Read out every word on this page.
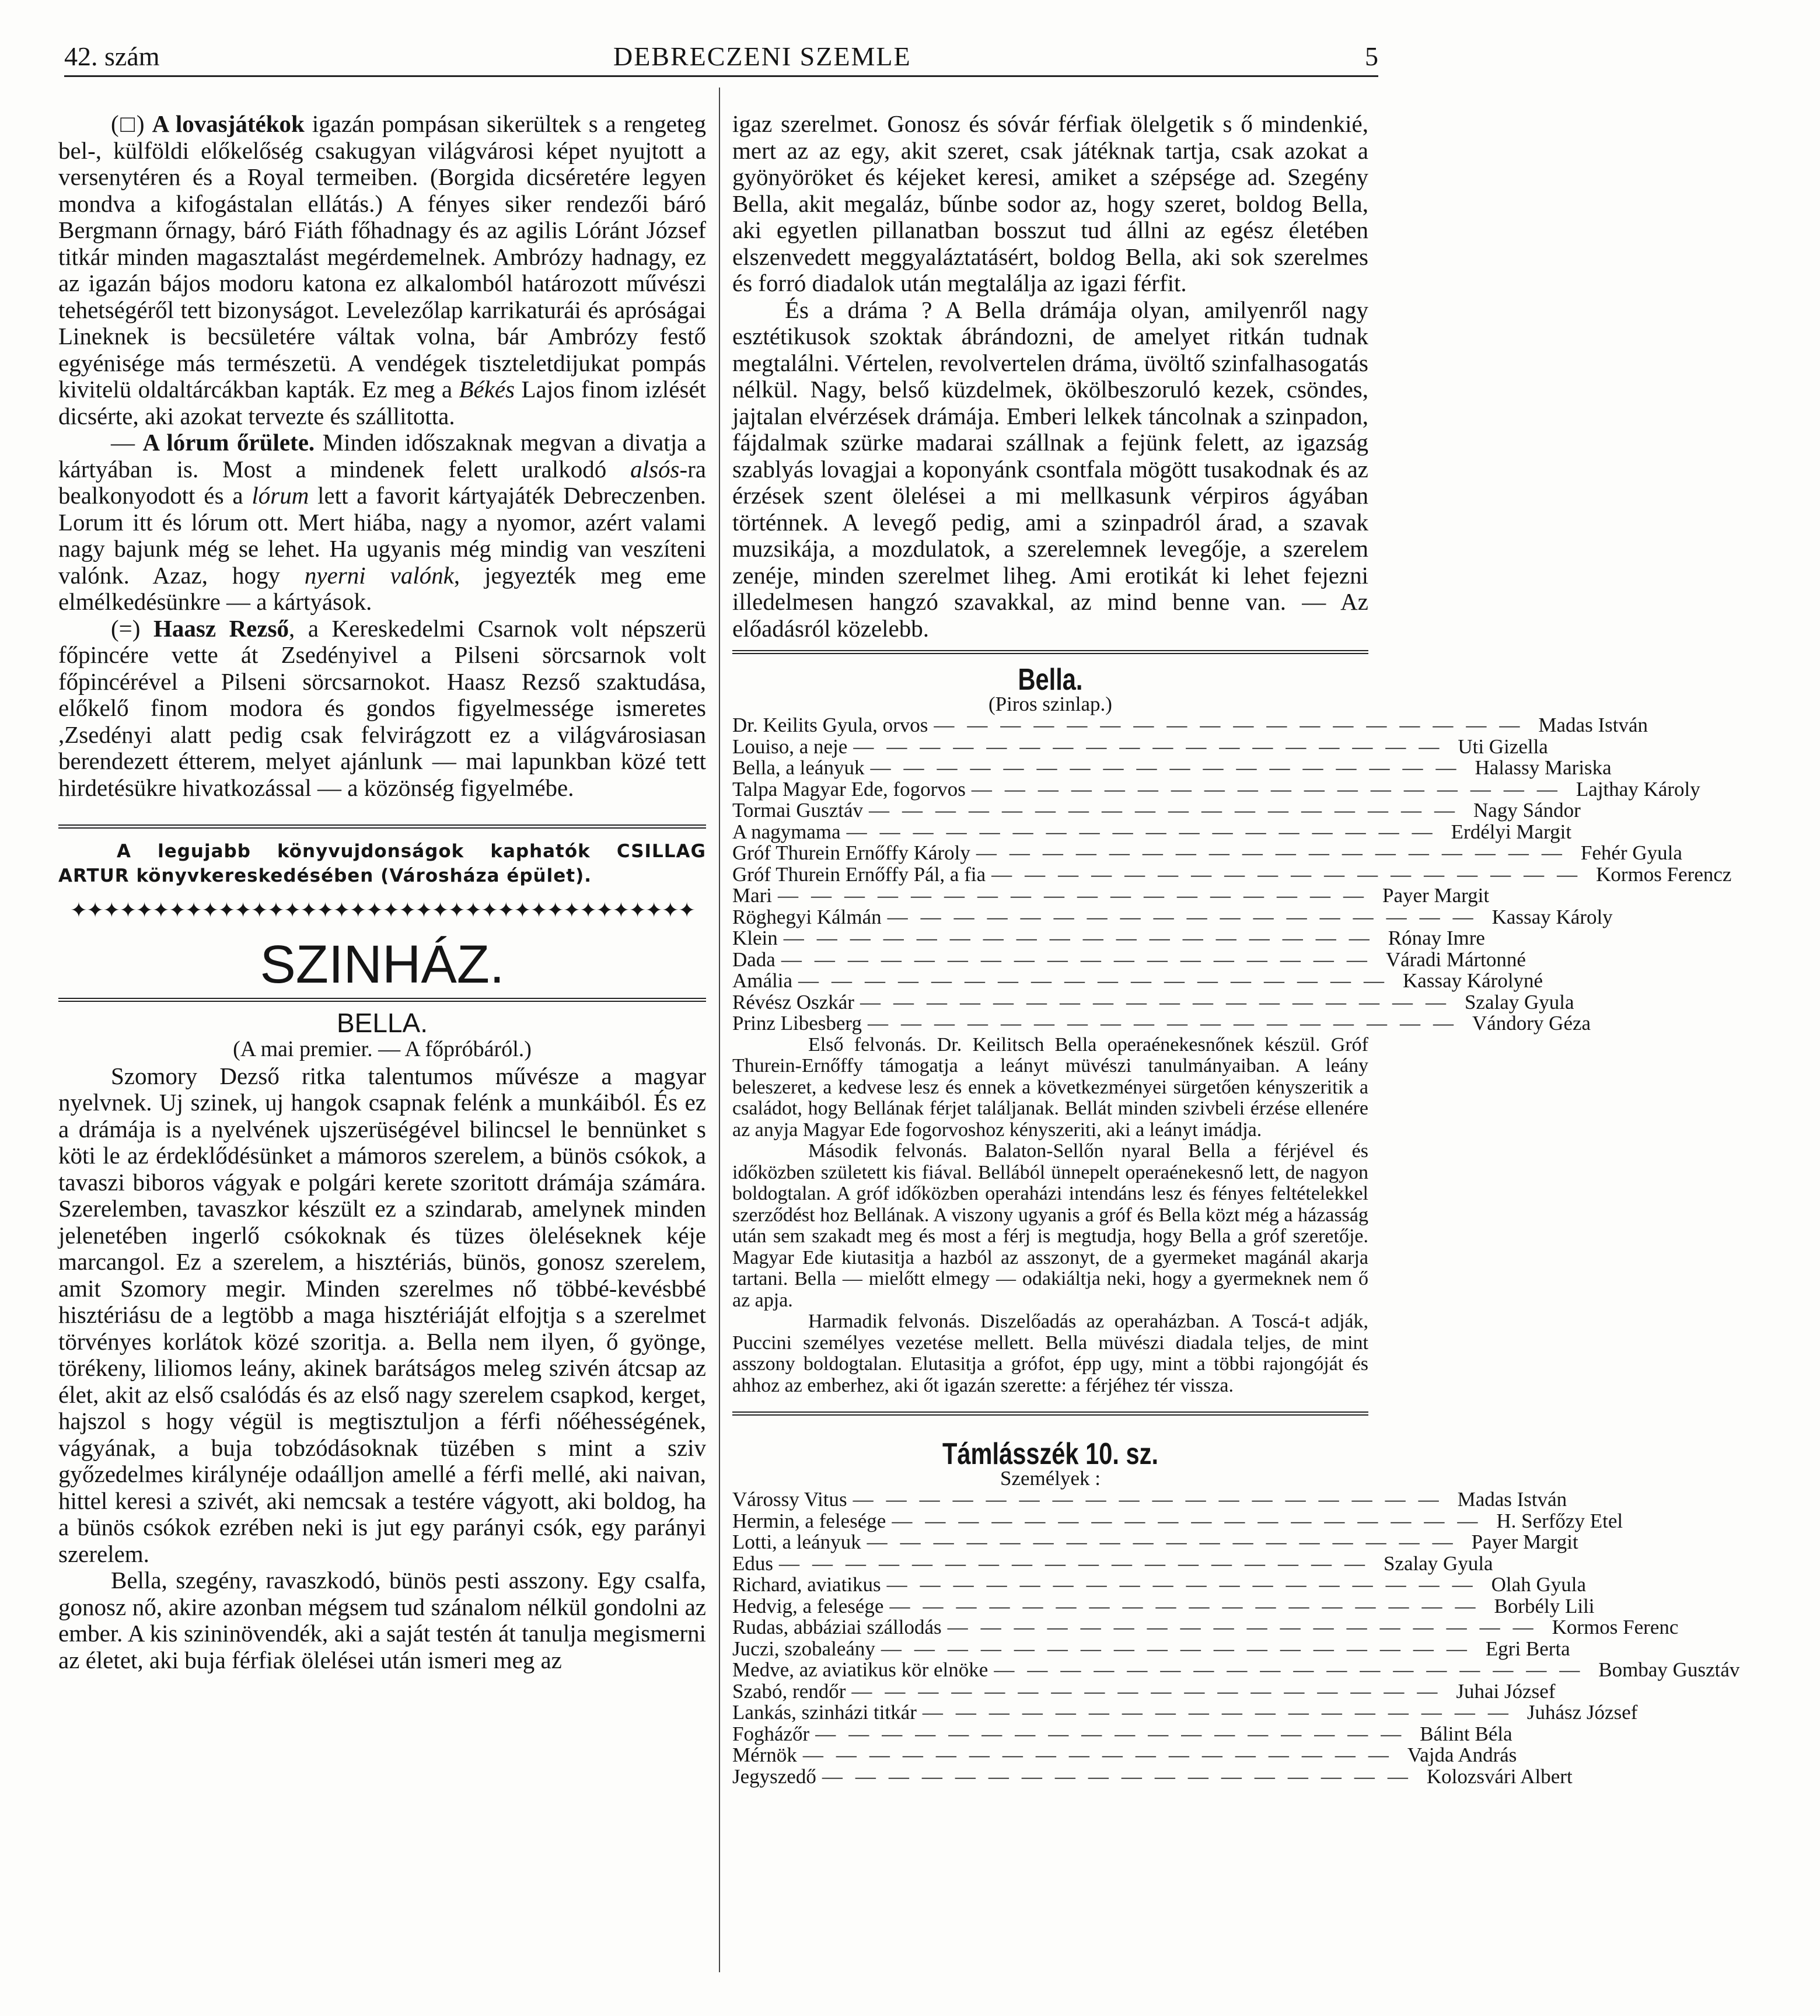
42. szám	DEBRECZENI SZEMLE	5

(□) A lovasjátékok igazán pompásan sikerültek s a rengeteg bel-, külföldi előkelőség csakugyan világvárosi képet nyujtott a versenytéren és a Royal termeiben. (Borgida dicséretére legyen mondva a kifogástalan ellátás.) A fényes siker rendezői báró Bergmann őrnagy, báró Fiáth főhadnagy és az agilis Lóránt József titkár minden magasztalást megérdemelnek. Ambrózy hadnagy, ez az igazán bájos modoru katona ez alkalomból határozott művészi tehetségéről tett bizonyságot. Levelezőlap karrikaturái és apróságai Lineknek is becsületére váltak volna, bár Ambrózy festő egyénisége más természetü. A vendégek tiszteletdijukat pompás kivitelü oldaltárcákban kapták. Ez meg a Békés Lajos finom izlését dicsérte, aki azokat tervezte és szállitotta.

— A lórum őrülete. Minden időszaknak megvan a divatja a kártyában is. Most a mindenek felett uralkodó alsós-ra bealkonyodott és a lórum lett a favorit kártyajáték Debreczenben. Lorum itt és lórum ott. Mert hiába, nagy a nyomor, azért valami nagy bajunk még se lehet. Ha ugyanis még mindig van veszíteni valónk. Azaz, hogy nyerni valónk, jegyezték meg eme elmélkedésünkre — a kártyások.

(=) Haasz Rezső, a Kereskedelmi Csarnok volt népszerü főpincére vette át Zsedényivel a Pilseni sörcsarnok volt főpincérével a Pilseni sörcsarnokot. Haasz Rezső szaktudása, előkelő finom modora és gondos figyelmessége ismeretes ,Zsedényi alatt pedig csak felvirágzott ez a világvárosiasan berendezett étterem, melyet ajánlunk — mai lapunkban közé tett hirdetésükre hivatkozással — a közönség figyelmébe.

A legujabb könyvujdonságok kaphatók CSILLAG ARTUR könyvkereskedésében (Városháza épület).

✦✦✦✦✦✦✦✦✦✦✦✦✦✦✦✦✦✦✦✦✦✦✦✦✦✦✦✦✦✦✦✦✦✦✦✦✦✦
SZINHÁZ.
BELLA.
(A mai premier. — A főpróbáról.)

Szomory Dezső ritka talentumos művésze a magyar nyelvnek. Uj szinek, uj hangok csapnak felénk a munkáiból. És ez a drámája is a nyelvének ujszerüségével bilincsel le bennünket s köti le az érdeklődésünket a mámoros szerelem, a bünös csókok, a tavaszi biboros vágyak e polgári kerete szoritott drámája számára. Szerelemben, tavaszkor készült ez a szindarab, amelynek minden jelenetében ingerlő csókoknak és tüzes öleléseknek kéje marcangol. Ez a szerelem, a hisztériás, bünös, gonosz szerelem, amit Szomory megir. Minden szerelmes nő többé-kevésbbé hisztériásu de a legtöbb a maga hisztériáját elfojtja s a szerelmet törvényes korlátok közé szoritja. a. Bella nem ilyen, ő gyönge, törékeny, liliomos leány, akinek barátságos meleg szivén átcsap az élet, akit az első csalódás és az első nagy szerelem csapkod, kerget, hajszol s hogy végül is megtisztuljon a férfi nőéhességének, vágyának, a buja tobzódásoknak tüzében s mint a sziv győzedelmes királynéje odaálljon amellé a férfi mellé, aki naivan, hittel keresi a szivét, aki nemcsak a testére vágyott, aki boldog, ha a bünös csókok ezrében neki is jut egy parányi csók, egy parányi szerelem.

Bella, szegény, ravaszkodó, bünös pesti asszony. Egy csalfa, gonosz nő, akire azonban mégsem tud szánalom nélkül gondolni az ember. A kis szininövendék, aki a saját testén át tanulja megismerni az életet, aki buja férfiak ölelései után ismeri meg az

igaz szerelmet. Gonosz és sóvár férfiak ölelgetik s ő mindenkié, mert az az egy, akit szeret, csak játéknak tartja, csak azokat a gyönyöröket és kéjeket keresi, amiket a szépsége ad. Szegény Bella, akit megaláz, bűnbe sodor az, hogy szeret, boldog Bella, aki egyetlen pillanatban bosszut tud állni az egész életében elszenvedett meggyaláztatásért, boldog Bella, aki sok szerelmes és forró diadalok után megtalálja az igazi férfit.

És a dráma ? A Bella drámája olyan, amilyenről nagy esztétikusok szoktak ábrándozni, de amelyet ritkán tudnak megtalálni. Vértelen, revolvertelen dráma, üvöltő szinfalhasogatás nélkül. Nagy, belső küzdelmek, ökölbeszoruló kezek, csöndes, jajtalan elvérzések drámája. Emberi lelkek táncolnak a szinpadon, fájdalmak szürke madarai szállnak a fejünk felett, az igazság szablyás lovagjai a koponyánk csontfala mögött tusakodnak és az érzések szent ölelései a mi mellkasunk vérpiros ágyában történnek. A levegő pedig, ami a szinpadról árad, a szavak muzsikája, a mozdulatok, a szerelemnek levegője, a szerelem zenéje, minden szerelmet liheg. Ami erotikát ki lehet fejezni illedelmesen hangzó szavakkal, az mind benne van. — Az előadásról közelebb.

Bella.
(Piros szinlap.)
Dr. Keilits Gyula, orvos —————————————————— Madas István
Louiso, a neje —————————————————— Uti Gizella
Bella, a leányuk —————————————————— Halassy Mariska
Talpa Magyar Ede, fogorvos —————————————————— Lajthay Károly
Tormai Gusztáv —————————————————— Nagy Sándor
A nagymama —————————————————— Erdélyi Margit
Gróf Thurein Ernőffy Károly —————————————————— Fehér Gyula
Gróf Thurein Ernőffy Pál, a fia —————————————————— Kormos Ferencz
Mari —————————————————— Payer Margit
Röghegyi Kálmán —————————————————— Kassay Károly
Klein —————————————————— Rónay Imre
Dada —————————————————— Váradi Mártonné
Amália —————————————————— Kassay Károlyné
Révész Oszkár —————————————————— Szalay Gyula
Prinz Libesberg —————————————————— Vándory Géza

Első felvonás. Dr. Keilitsch Bella operaénekesnőnek készül. Gróf Thurein-Ernőffy támogatja a leányt müvészi tanulmányaiban. A leány beleszeret, a kedvese lesz és ennek a következményei sürgetően kényszeritik a családot, hogy Bellának férjet találjanak. Bellát minden szivbeli érzése ellenére az anyja Magyar Ede fogorvoshoz kényszeriti, aki a leányt imádja.

Második felvonás. Balaton-Sellőn nyaral Bella a férjével és időközben született kis fiával. Bellából ünnepelt operaénekesnő lett, de nagyon boldogtalan. A gróf időközben operaházi intendáns lesz és fényes feltételekkel szerződést hoz Bellának. A viszony ugyanis a gróf és Bella közt még a házasság után sem szakadt meg és most a férj is megtudja, hogy Bella a gróf szeretője. Magyar Ede kiutasitja a hazból az asszonyt, de a gyermeket magánál akarja tartani. Bella — mielőtt elmegy — odakiáltja neki, hogy a gyermeknek nem ő az apja.

Harmadik felvonás. Diszelőadás az operaházban. A Toscá-t adják, Puccini személyes vezetése mellett. Bella müvészi diadala teljes, de mint asszony boldogtalan. Elutasitja a grófot, épp ugy, mint a többi rajongóját és ahhoz az emberhez, aki őt igazán szerette: a férjéhez tér vissza.

Támlásszék 10. sz.
Személyek :
Várossy Vitus —————————————————— Madas István
Hermin, a felesége —————————————————— H. Serfőzy Etel
Lotti, a leányuk —————————————————— Payer Margit
Edus —————————————————— Szalay Gyula
Richard, aviatikus —————————————————— Olah Gyula
Hedvig, a felesége —————————————————— Borbély Lili
Rudas, abbáziai szállodás —————————————————— Kormos Ferenc
Juczi, szobaleány —————————————————— Egri Berta
Medve, az aviatikus kör elnöke —————————————————— Bombay Gusztáv
Szabó, rendőr —————————————————— Juhai József
Lankás, szinházi titkár —————————————————— Juhász József
Fogházőr —————————————————— Bálint Béla
Mérnök —————————————————— Vajda András
Jegyszedő —————————————————— Kolozsvári Albert
